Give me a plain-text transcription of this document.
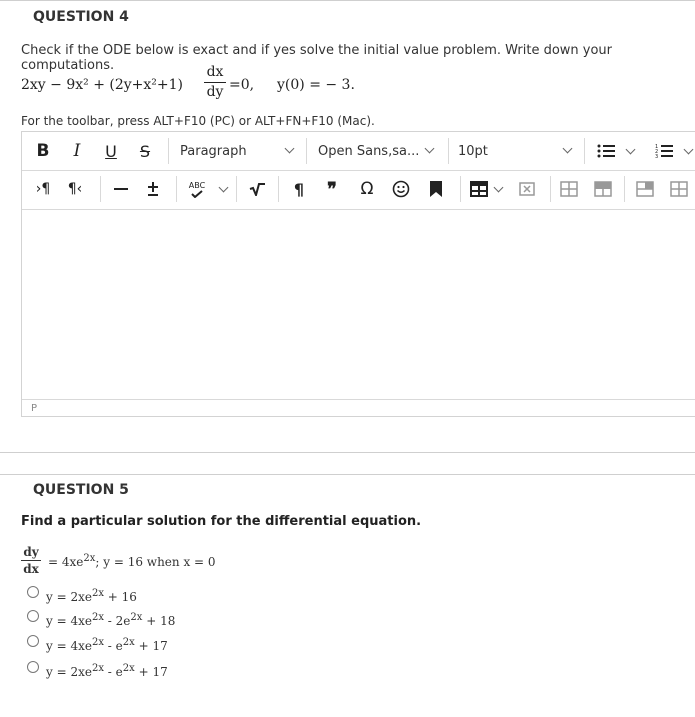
QUESTION 4
Check if the ODE below is exact and if yes solve the initial value problem. Write down your computations.
2xy − 9x² + (2y+x²+1)
dx
dy =0, y(0) = − 3.
For the toolbar, press ALT+F10 (PC) or ALT+FN+F10 (Mac).
B	I	U	S	Paragraph	Open Sans,sa...	10pt	1
2
3
›¶ ¶‹	ABC	¶ ❞ Ω
P
QUESTION 5
Find a particular solution for the differential equation.
dy
dx = $4xe^{2x}$; y = 16 when x = 0
$y = 2xe^{2x} + 16$
$y = 4xe^{2x} - 2e^{2x} + 18$
$y = 4xe^{2x} - e^{2x} + 17$
$y = 2xe^{2x} - e^{2x} + 17$
